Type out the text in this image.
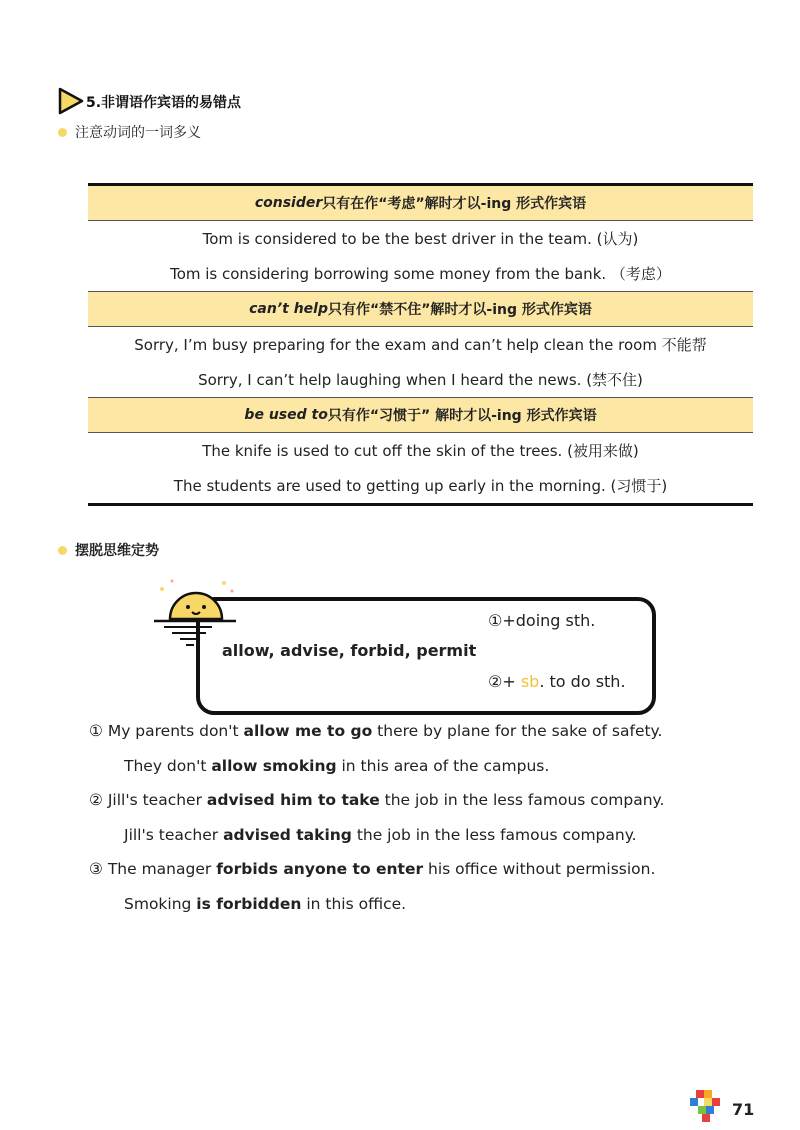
5.非谓语作宾语的易错点
注意动词的一词多义
consider 只有在作“考虑”解时才以-ing 形式作宾语
Tom is considered to be the best driver in the team. (认为)
Tom is considering borrowing some money from the bank. （考虑）
can’t help 只有作“禁不住”解时才以-ing 形式作宾语
Sorry, I’m busy preparing for the exam and can’t help clean the room 不能帮
Sorry, I can’t help laughing when I heard the news. (禁不住)
be used to 只有作“习惯于” 解时才以-ing 形式作宾语
The knife is used to cut off the skin of the trees. (被用来做)
The students are used to getting up early in the morning. (习惯于)
摆脱思维定势
allow, advise, forbid, permit
①+doing sth.
②+ sb. to do sth.
① My parents don't allow me to go there by plane for the sake of safety.
They don't allow smoking in this area of the campus.
② Jill's teacher advised him to take the job in the less famous company.
Jill's teacher advised taking the job in the less famous company.
③ The manager forbids anyone to enter his office without permission.
Smoking is forbidden in this office.
71
